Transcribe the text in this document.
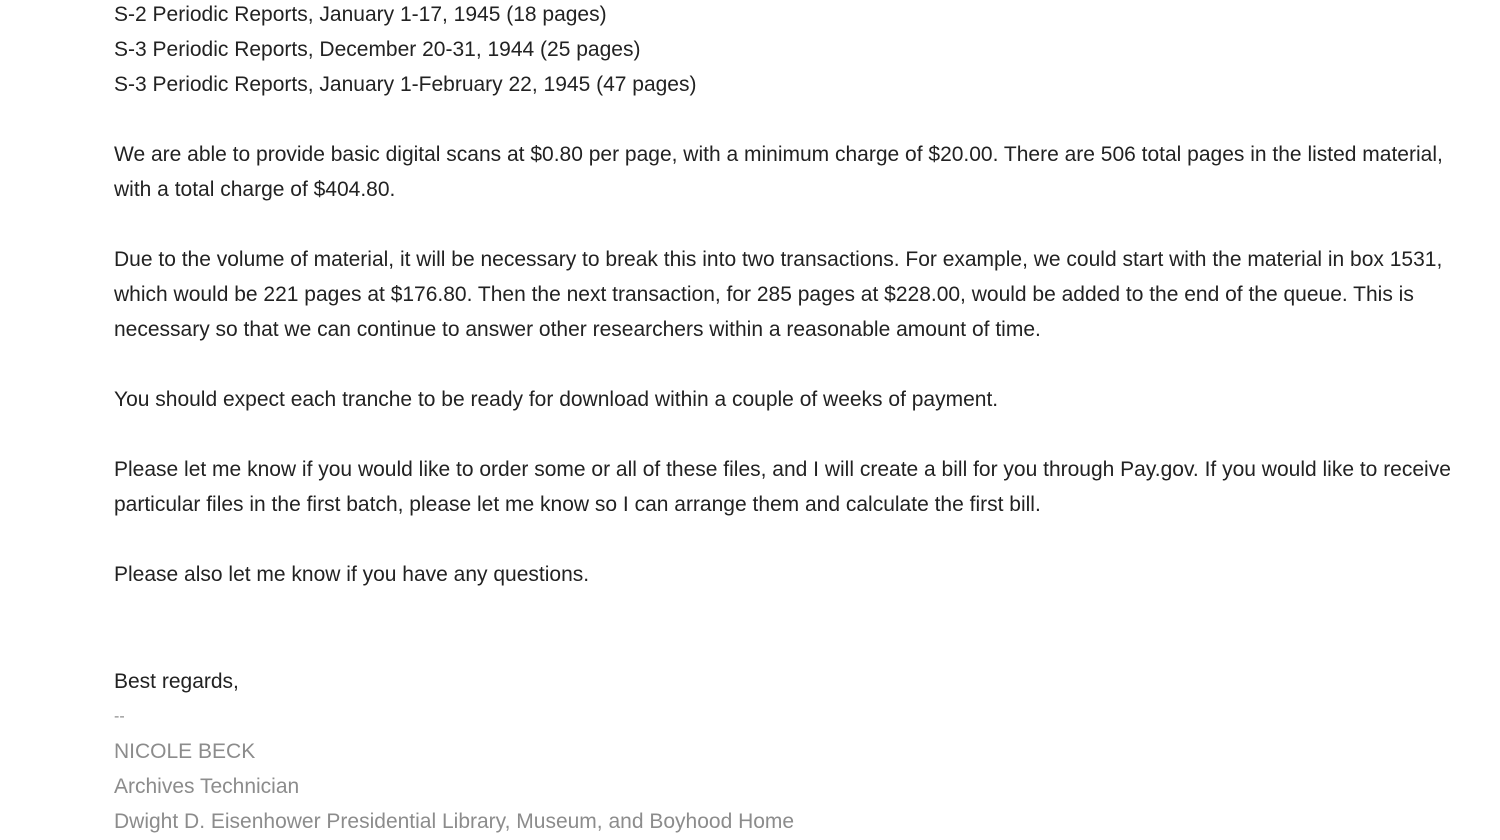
S-2 Periodic Reports, January 1-17, 1945 (18 pages)
S-3 Periodic Reports, December 20-31, 1944 (25 pages)
S-3 Periodic Reports, January 1-February 22, 1945 (47 pages)

We are able to provide basic digital scans at $0.80 per page, with a minimum charge of $20.00. There are 506 total pages in the listed material, with a total charge of $404.80.

Due to the volume of material, it will be necessary to break this into two transactions. For example, we could start with the material in box 1531, which would be 221 pages at $176.80. Then the next transaction, for 285 pages at $228.00, would be added to the end of the queue. This is necessary so that we can continue to answer other researchers within a reasonable amount of time.

You should expect each tranche to be ready for download within a couple of weeks of payment.

Please let me know if you would like to order some or all of these files, and I will create a bill for you through Pay.gov. If you would like to receive particular files in the first batch, please let me know so I can arrange them and calculate the first bill.

Please also let me know if you have any questions.

Best regards,

--

NICOLE BECK

Archives Technician

Dwight D. Eisenhower Presidential Library, Museum, and Boyhood Home
